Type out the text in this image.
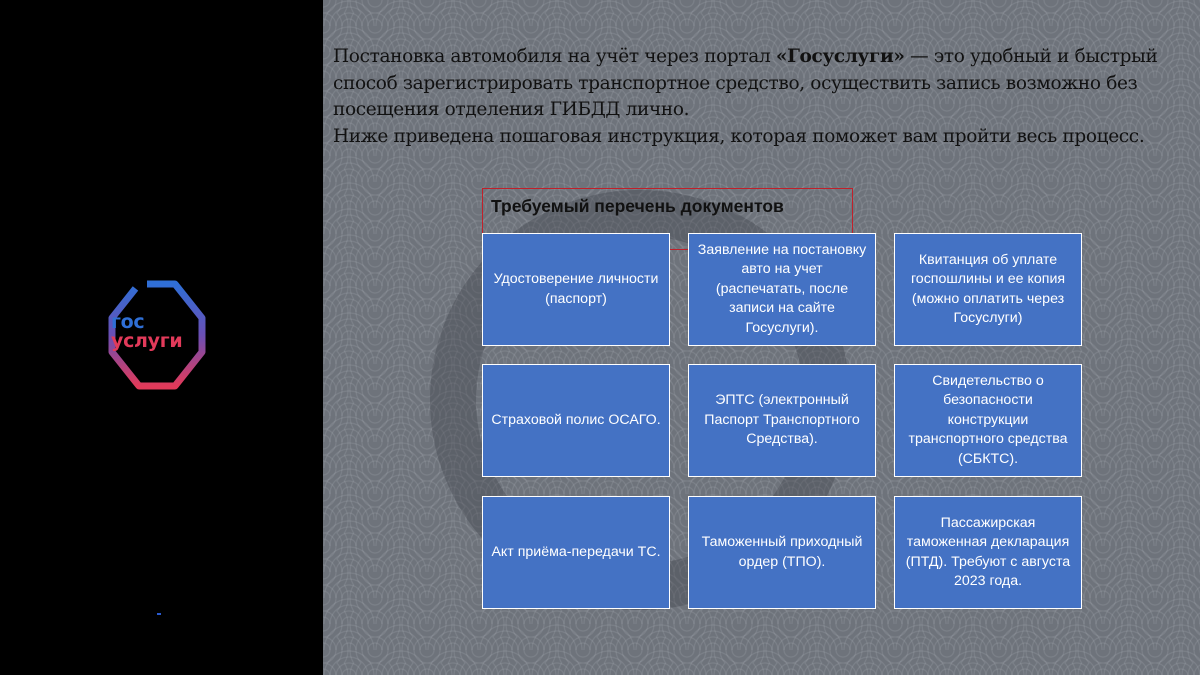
гос
услуги

Постановка автомобиля на учёт через портал «Госуслуги» — это удобный и быстрый способ зарегистрировать транспортное средство, осуществить запись возможно без посещения отделения ГИБДД лично.

Ниже приведена пошаговая инструкция, которая поможет вам пройти весь процесс.

Требуемый перечень документов
Удостоверение личности (паспорт)
Заявление на постановку авто на учет (распечатать, после записи на сайте Госуслуги).
Квитанция об уплате госпошлины и ее копия (можно оплатить через Госуслуги)
Страховой полис ОСАГО.
ЭПТС (электронный Паспорт Транспортного Средства).
Свидетельство о безопасности конструкции транспортного средства (СБКТС).
Акт приёма-передачи ТС.
Таможенный приходный ордер (ТПО).
Пассажирская таможенная декларация (ПТД). Требуют с августа 2023 года.
